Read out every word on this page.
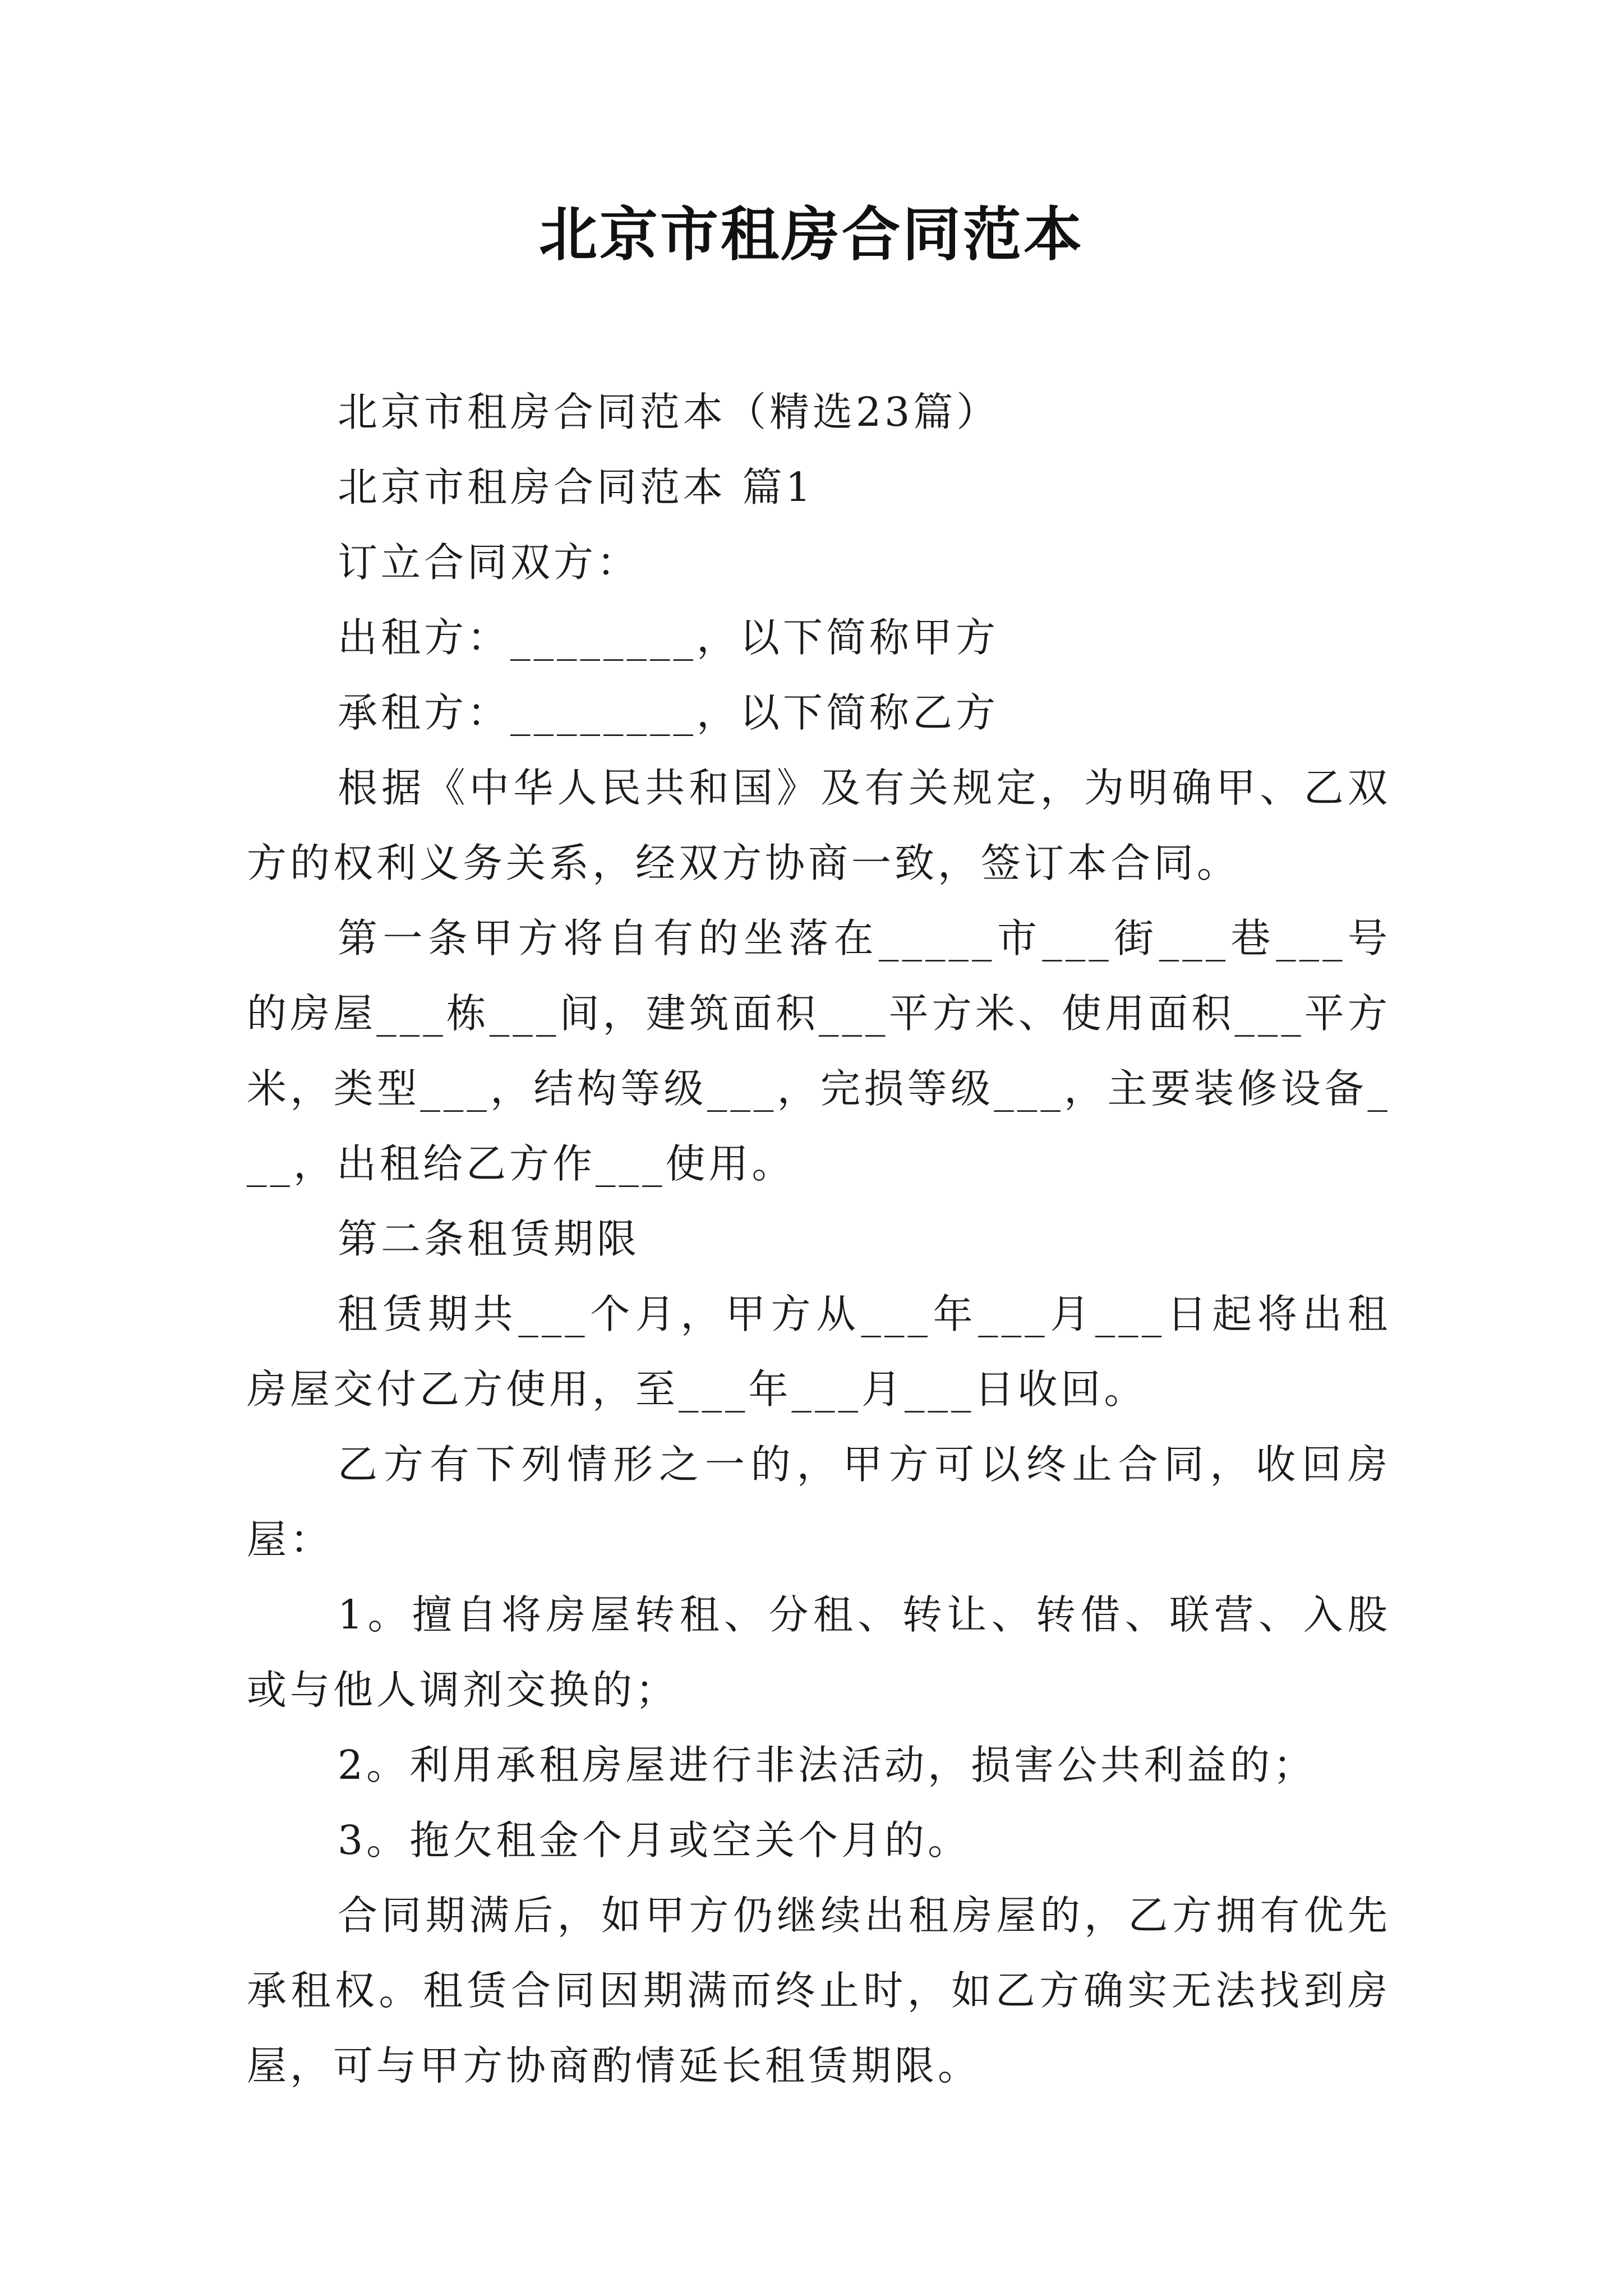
北京市租房合同范本

北京市租房合同范本（精选23篇）

北京市租房合同范本 篇1

订立合同双方：

出租方：________，以下简称甲方

承租方：________，以下简称乙方

根据《中华人民共和国》及有关规定，为明确甲、乙双方的权利义务关系，经双方协商一致，签订本合同。

第一条甲方将自有的坐落在_____市___街___巷___号的房屋___栋___间，建筑面积___平方米、使用面积___平方米，类型___，结构等级___，完损等级___，主要装修设备___，出租给乙方作___使用。

第二条租赁期限

租赁期共___个月，甲方从___年___月___日起将出租房屋交付乙方使用，至___年___月___日收回。

乙方有下列情形之一的，甲方可以终止合同，收回房屋：

1。擅自将房屋转租、分租、转让、转借、联营、入股或与他人调剂交换的；

2。利用承租房屋进行非法活动，损害公共利益的；

3。拖欠租金个月或空关个月的。

合同期满后，如甲方仍继续出租房屋的，乙方拥有优先承租权。租赁合同因期满而终止时，如乙方确实无法找到房屋，可与甲方协商酌情延长租赁期限。
